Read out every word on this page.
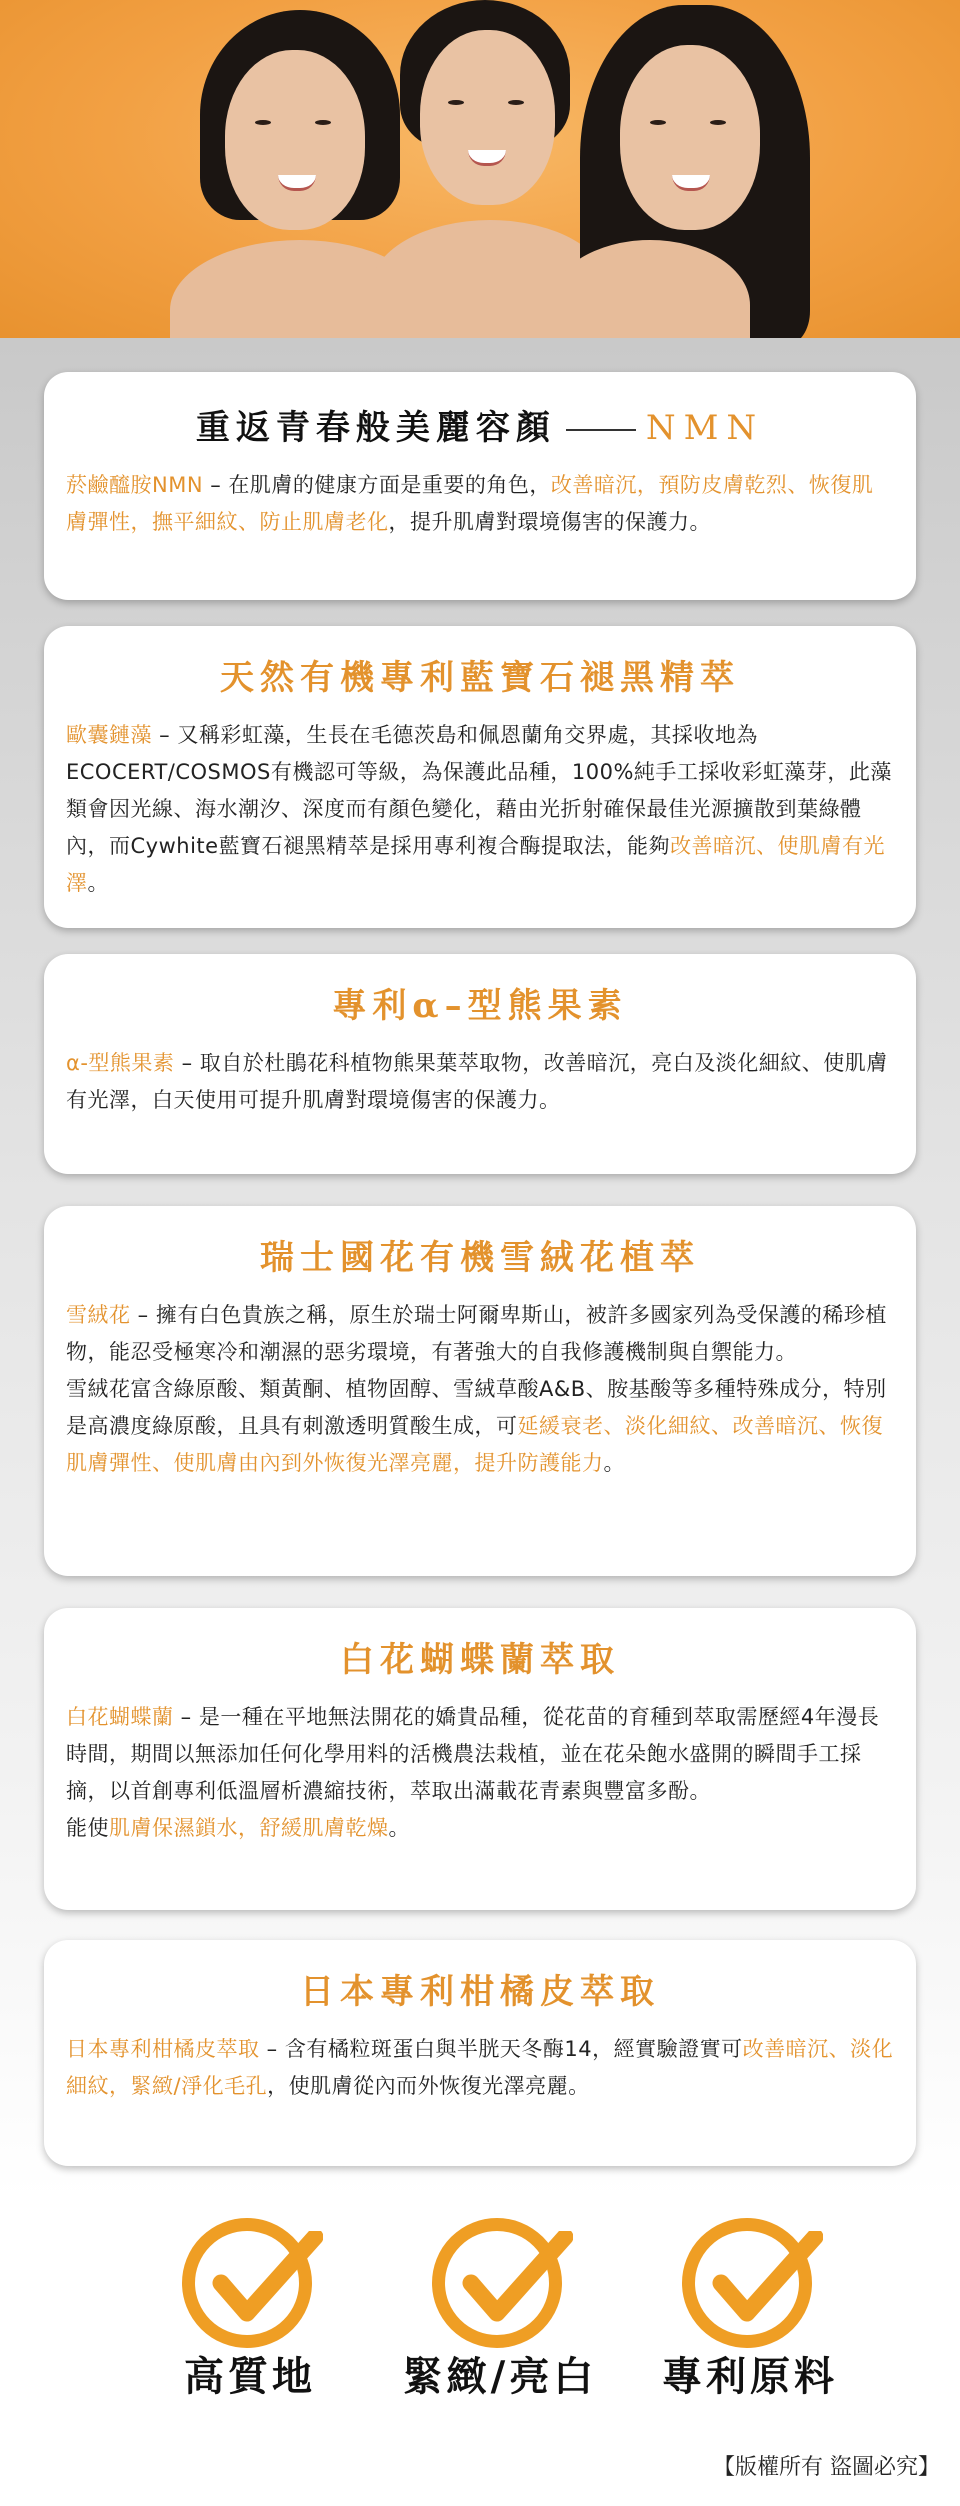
重返青春般美麗容顏	NMN
菸鹼醯胺NMN – 在肌膚的健康方面是重要的角色，改善暗沉，預防皮膚乾烈、恢復肌膚彈性，撫平細紋、防止肌膚老化，提升肌膚對環境傷害的保護力。
天然有機專利藍寶石褪黑精萃
歐囊鏈藻 – 又稱彩虹藻，生長在毛德茨島和佩恩蘭角交界處，其採收地為ECOCERT/COSMOS有機認可等級，為保護此品種，100%純手工採收彩虹藻芽，此藻類會因光線、海水潮汐、深度而有顏色變化，藉由光折射確保最佳光源擴散到葉綠體內，而Cywhite藍寶石褪黑精萃是採用專利複合酶提取法，能夠改善暗沉、使肌膚有光澤。
專利α–型熊果素
α-型熊果素 – 取自於杜鵑花科植物熊果葉萃取物，改善暗沉，亮白及淡化細紋、使肌膚有光澤，白天使用可提升肌膚對環境傷害的保護力。
瑞士國花有機雪絨花植萃
雪絨花 – 擁有白色貴族之稱，原生於瑞士阿爾卑斯山，被許多國家列為受保護的稀珍植物，能忍受極寒冷和潮濕的惡劣環境，有著強大的自我修護機制與自禦能力。
雪絨花富含綠原酸、類黃酮、植物固醇、雪絨草酸A&B、胺基酸等多種特殊成分，特別是高濃度綠原酸，且具有刺激透明質酸生成，可延緩衰老、淡化細紋、改善暗沉、恢復肌膚彈性、使肌膚由內到外恢復光澤亮麗，提升防護能力。
白花蝴蝶蘭萃取
白花蝴蝶蘭 – 是一種在平地無法開花的嬌貴品種，從花苗的育種到萃取需歷經4年漫長時間，期間以無添加任何化學用料的活機農法栽植，並在花朵飽水盛開的瞬間手工採摘，以首創專利低溫層析濃縮技術，萃取出滿載花青素與豐富多酚。
能使肌膚保濕鎖水，舒緩肌膚乾燥。
日本專利柑橘皮萃取
日本專利柑橘皮萃取 – 含有橘粒斑蛋白與半胱天冬酶14，經實驗證實可改善暗沉、淡化細紋，緊緻/淨化毛孔，使肌膚從內而外恢復光澤亮麗。
高質地	緊緻/亮白	專利原料
【版權所有 盜圖必究】
